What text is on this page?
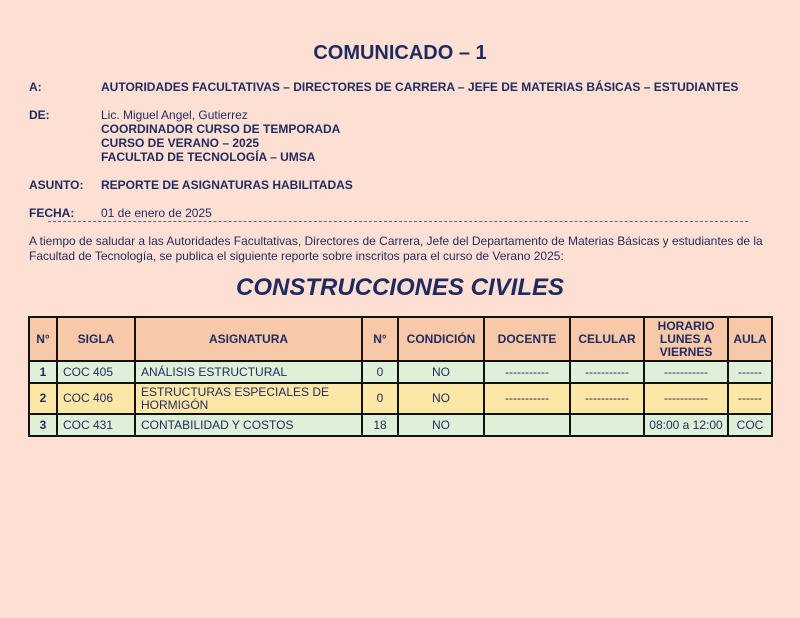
COMUNICADO – 1
A:	AUTORIDADES FACULTATIVAS – DIRECTORES DE CARRERA – JEFE DE MATERIAS BÁSICAS – ESTUDIANTES
DE:	Lic. Miguel Angel, Gutierrez
COORDINADOR CURSO DE TEMPORADA
CURSO DE VERANO – 2025
FACULTAD DE TECNOLOGÍA – UMSA
ASUNTO: REPORTE DE ASIGNATURAS HABILITADAS
FECHA: 01 de enero de 2025
A tiempo de saludar a las Autoridades Facultativas, Directores de Carrera, Jefe del Departamento de Materias Básicas y estudiantes de la Facultad de Tecnología, se publica el siguiente reporte sobre inscritos para el curso de Verano 2025:
CONSTRUCCIONES CIVILES
N°	SIGLA	ASIGNATURA	N°	CONDICIÓN	DOCENTE	CELULAR	HORARIO LUNES A VIERNES	AULA
1	COC 405	ANÁLISIS ESTRUCTURAL	0	NO	-----------	-----------	-----------	------
2	COC 406	ESTRUCTURAS ESPECIALES DE HORMIGÓN	0	NO	-----------	-----------	-----------	------
3	COC 431	CONTABILIDAD Y COSTOS	18	NO			08:00 a 12:00	COC
